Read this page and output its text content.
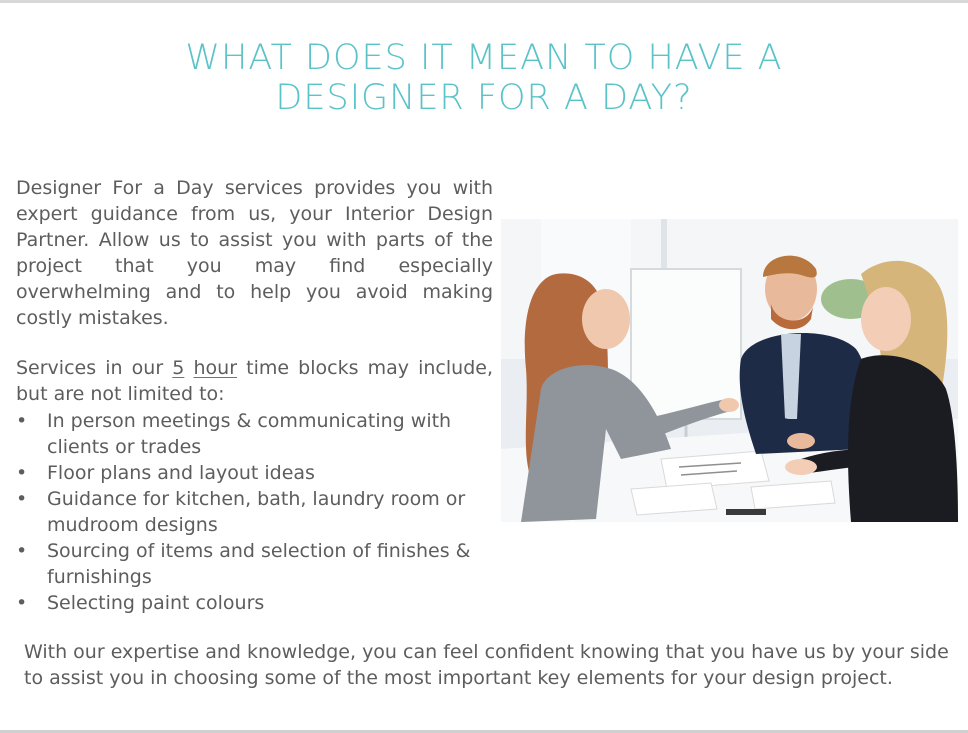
WHAT DOES IT MEAN TO HAVE A
DESIGNER FOR A DAY?

Designer For a Day services provides you with expert guidance from us, your Interior Design Partner. Allow us to assist you with parts of the project that you may find especially overwhelming and to help you avoid making costly mistakes.

Services in our 5 hour time blocks may include, but are not limited to:

• In person meetings & communicating with clients or trades
• Floor plans and layout ideas
• Guidance for kitchen, bath, laundry room or mudroom designs
• Sourcing of items and selection of finishes & furnishings
• Selecting paint colours

With our expertise and knowledge, you can feel confident knowing that you have us by your side to assist you in choosing some of the most important key elements for your design project.
